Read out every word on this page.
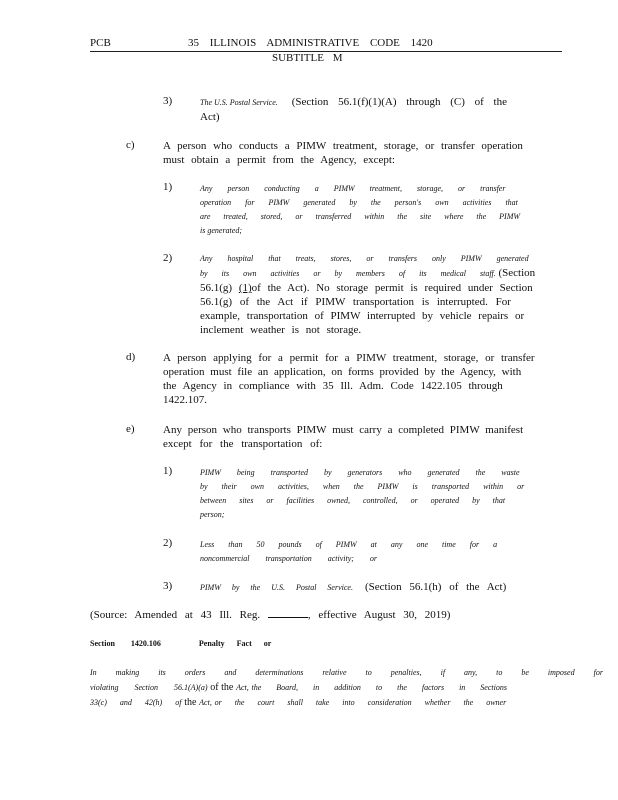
PCB	35 ILLINOIS ADMINISTRATIVE CODE 1420
SUBTITLE M
3)	The U.S. Postal Service. (Section 56.1(f)(1)(A) through (C) of the
Act)
c)	A person who conducts a PIMW treatment, storage, or transfer operation
must obtain a permit from the Agency, except:
1)	Any person conducting a PIMW treatment, storage, or transfer
operation for PIMW generated by the person's own activities that
are treated, stored, or transferred within the site where the PIMW
is generated;
2)	Any hospital that treats, stores, or transfers only PIMW generated
by its own activities or by members of its medical staff. (Section
56.1(g) (1)of the Act). No storage permit is required under Section
56.1(g) of the Act if PIMW transportation is interrupted. For
example, transportation of PIMW interrupted by vehicle repairs or
inclement weather is not storage.
d)	A person applying for a permit for a PIMW treatment, storage, or transfer
operation must file an application, on forms provided by the Agency, with
the Agency in compliance with 35 Ill. Adm. Code 1422.105 through
1422.107.
e)	Any person who transports PIMW must carry a completed PIMW manifest
except for the transportation of:
1)	PIMW being transported by generators who generated the waste
by their own activities, when the PIMW is transported within or
between sites or facilities owned, controlled, or operated by that
person;
2)	Less than 50 pounds of PIMW at any one time for a
noncommercial transportation activity; or
3)	PIMW by the U.S. Postal Service. (Section 56.1(h) of the Act)
(Source: Amended at 43 Ill. Reg.	, effective August 30, 2019)
Section 1420.106	Penalty Fact or
In making its orders and determinations relative to penalties, if any, to be imposed for
violating Section 56.1(A)(a) of the Act, the Board, in addition to the factors in Sections
33(c) and 42(h) of the Act, or the court shall take into consideration whether the owner
